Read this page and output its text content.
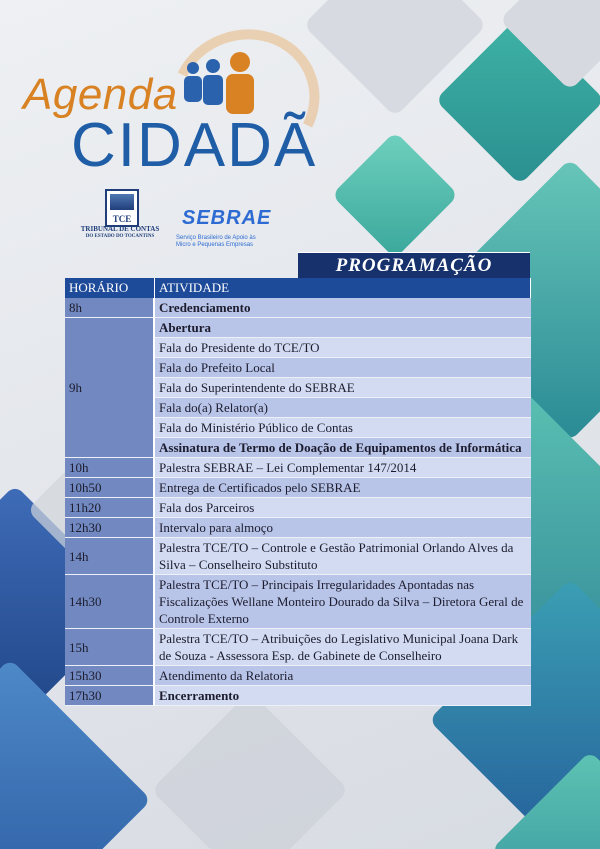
Agenda
CIDADÃ
TCE
TRIBUNAL DE CONTAS
DO ESTADO DO TOCANTINS
SEBRAE
Serviço Brasileiro de Apoio às Micro e Pequenas Empresas
PROGRAMAÇÃO
HORÁRIO	ATIVIDADE
8h	Credenciamento
9h	Abertura
	Fala do Presidente do TCE/TO
	Fala do Prefeito Local
	Fala do Superintendente do SEBRAE
	Fala do(a) Relator(a)
	Fala do Ministério Público de Contas
	Assinatura de Termo de Doação de Equipamentos de Informática
10h	Palestra SEBRAE – Lei Complementar 147/2014
10h50	Entrega de Certificados pelo SEBRAE
11h20	Fala dos Parceiros
12h30	Intervalo para almoço
14h	Palestra TCE/TO – Controle e Gestão Patrimonial Orlando Alves da Silva – Conselheiro Substituto
14h30	Palestra TCE/TO – Principais Irregularidades Apontadas nas Fiscalizações Wellane Monteiro Dourado da Silva – Diretora Geral de Controle Externo
15h	Palestra TCE/TO – Atribuições do Legislativo Municipal Joana Dark de Souza - Assessora Esp. de Gabinete de Conselheiro
15h30	Atendimento da Relatoria
17h30	Encerramento
